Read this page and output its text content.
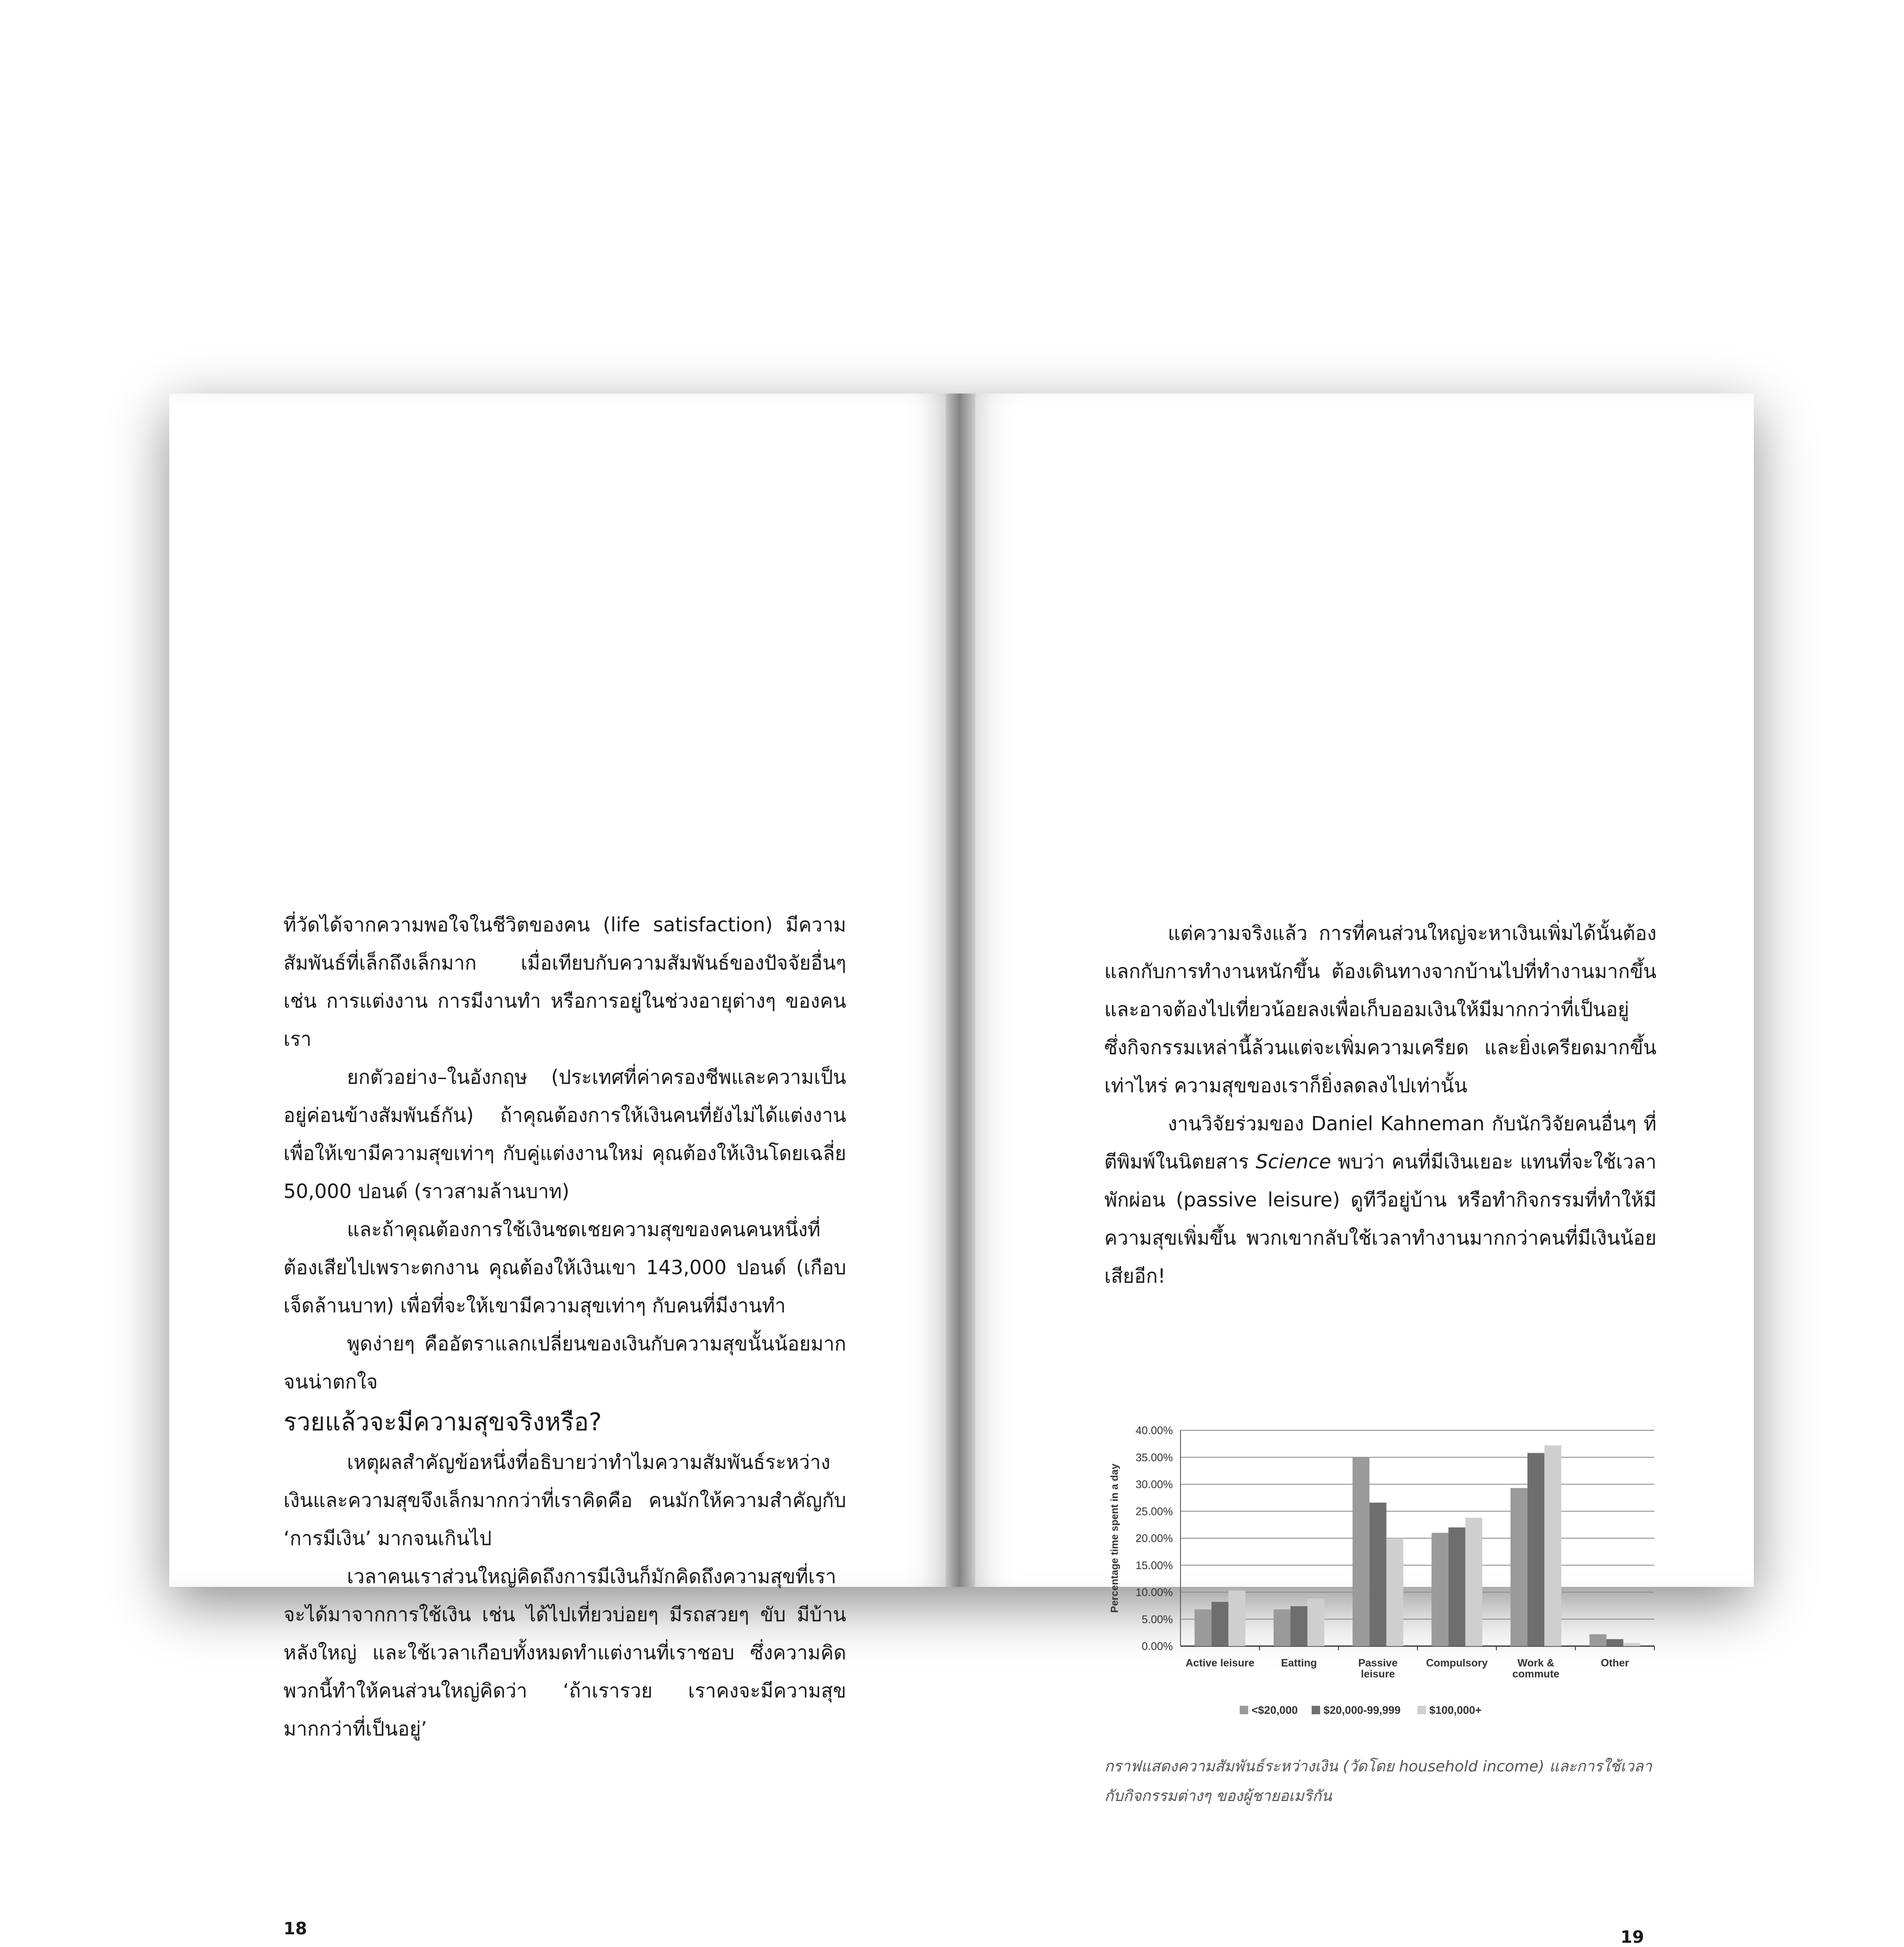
ที่วัดได้จากความพอใจในชีวิตของคน (life satisfaction) มีความสัมพันธ์ที่เล็กถึงเล็กมาก เมื่อเทียบกับความสัมพันธ์ของปัจจัยอื่นๆ เช่น การแต่งงาน การมีงานทำ หรือการอยู่ในช่วงอายุต่างๆ ของคนเรา

ยกตัวอย่าง–ในอังกฤษ (ประเทศที่ค่าครองชีพและความเป็นอยู่ค่อนข้างสัมพันธ์กัน) ถ้าคุณต้องการให้เงินคนที่ยังไม่ได้แต่งงานเพื่อให้เขามีความสุขเท่าๆ กับคู่แต่งงานใหม่ คุณต้องให้เงินโดยเฉลี่ย 50,000 ปอนด์ (ราวสามล้านบาท)

และถ้าคุณต้องการใช้เงินชดเชยความสุขของคนคนหนึ่งที่ต้องเสียไปเพราะตกงาน คุณต้องให้เงินเขา 143,000 ปอนด์ (เกือบเจ็ดล้านบาท) เพื่อที่จะให้เขามีความสุขเท่าๆ กับคนที่มีงานทำ

พูดง่ายๆ คืออัตราแลกเปลี่ยนของเงินกับความสุขนั้นน้อยมากจนน่าตกใจ

รวยแล้วจะมีความสุขจริงหรือ?

เหตุผลสำคัญข้อหนึ่งที่อธิบายว่าทำไมความสัมพันธ์ระหว่างเงินและความสุขจึงเล็กมากกว่าที่เราคิดคือ คนมักให้ความสำคัญกับ ‘การมีเงิน’ มากจนเกินไป

เวลาคนเราส่วนใหญ่คิดถึงการมีเงินก็มักคิดถึงความสุขที่เราจะได้มาจากการใช้เงิน เช่น ได้ไปเที่ยวบ่อยๆ มีรถสวยๆ ขับ มีบ้านหลังใหญ่ และใช้เวลาเกือบทั้งหมดทำแต่งานที่เราชอบ ซึ่งความคิดพวกนี้ทำให้คนส่วนใหญ่คิดว่า ‘ถ้าเรารวย เราคงจะมีความสุขมากกว่าที่เป็นอยู่’

18

แต่ความจริงแล้ว การที่คนส่วนใหญ่จะหาเงินเพิ่มได้นั้นต้องแลกกับการทำงานหนักขึ้น ต้องเดินทางจากบ้านไปที่ทำงานมากขึ้น และอาจต้องไปเที่ยวน้อยลงเพื่อเก็บออมเงินให้มีมากกว่าที่เป็นอยู่ ซึ่งกิจกรรมเหล่านี้ล้วนแต่จะเพิ่มความเครียด และยิ่งเครียดมากขึ้นเท่าไหร่ ความสุขของเราก็ยิ่งลดลงไปเท่านั้น

งานวิจัยร่วมของ Daniel Kahneman กับนักวิจัยคนอื่นๆ ที่ตีพิมพ์ในนิตยสาร Science พบว่า คนที่มีเงินเยอะ แทนที่จะใช้เวลาพักผ่อน (passive leisure) ดูทีวีอยู่บ้าน หรือทำกิจกรรมที่ทำให้มีความสุขเพิ่มขึ้น พวกเขากลับใช้เวลาทำงานมากกว่าคนที่มีเงินน้อยเสียอีก!

0.00%
5.00%
10.00%
15.00%
20.00%
25.00%
30.00%
35.00%
40.00%
Percentage time spent in a day
Active leisure	Eatting	Passive
leisure
Compulsory	Work &
commute
Other
<$20,000 $20,000-99,999	$100,000+
กราฟแสดงความสัมพันธ์ระหว่างเงิน (วัดโดย household income) และการใช้เวลากับกิจกรรมต่างๆ ของผู้ชายอเมริกัน
19
